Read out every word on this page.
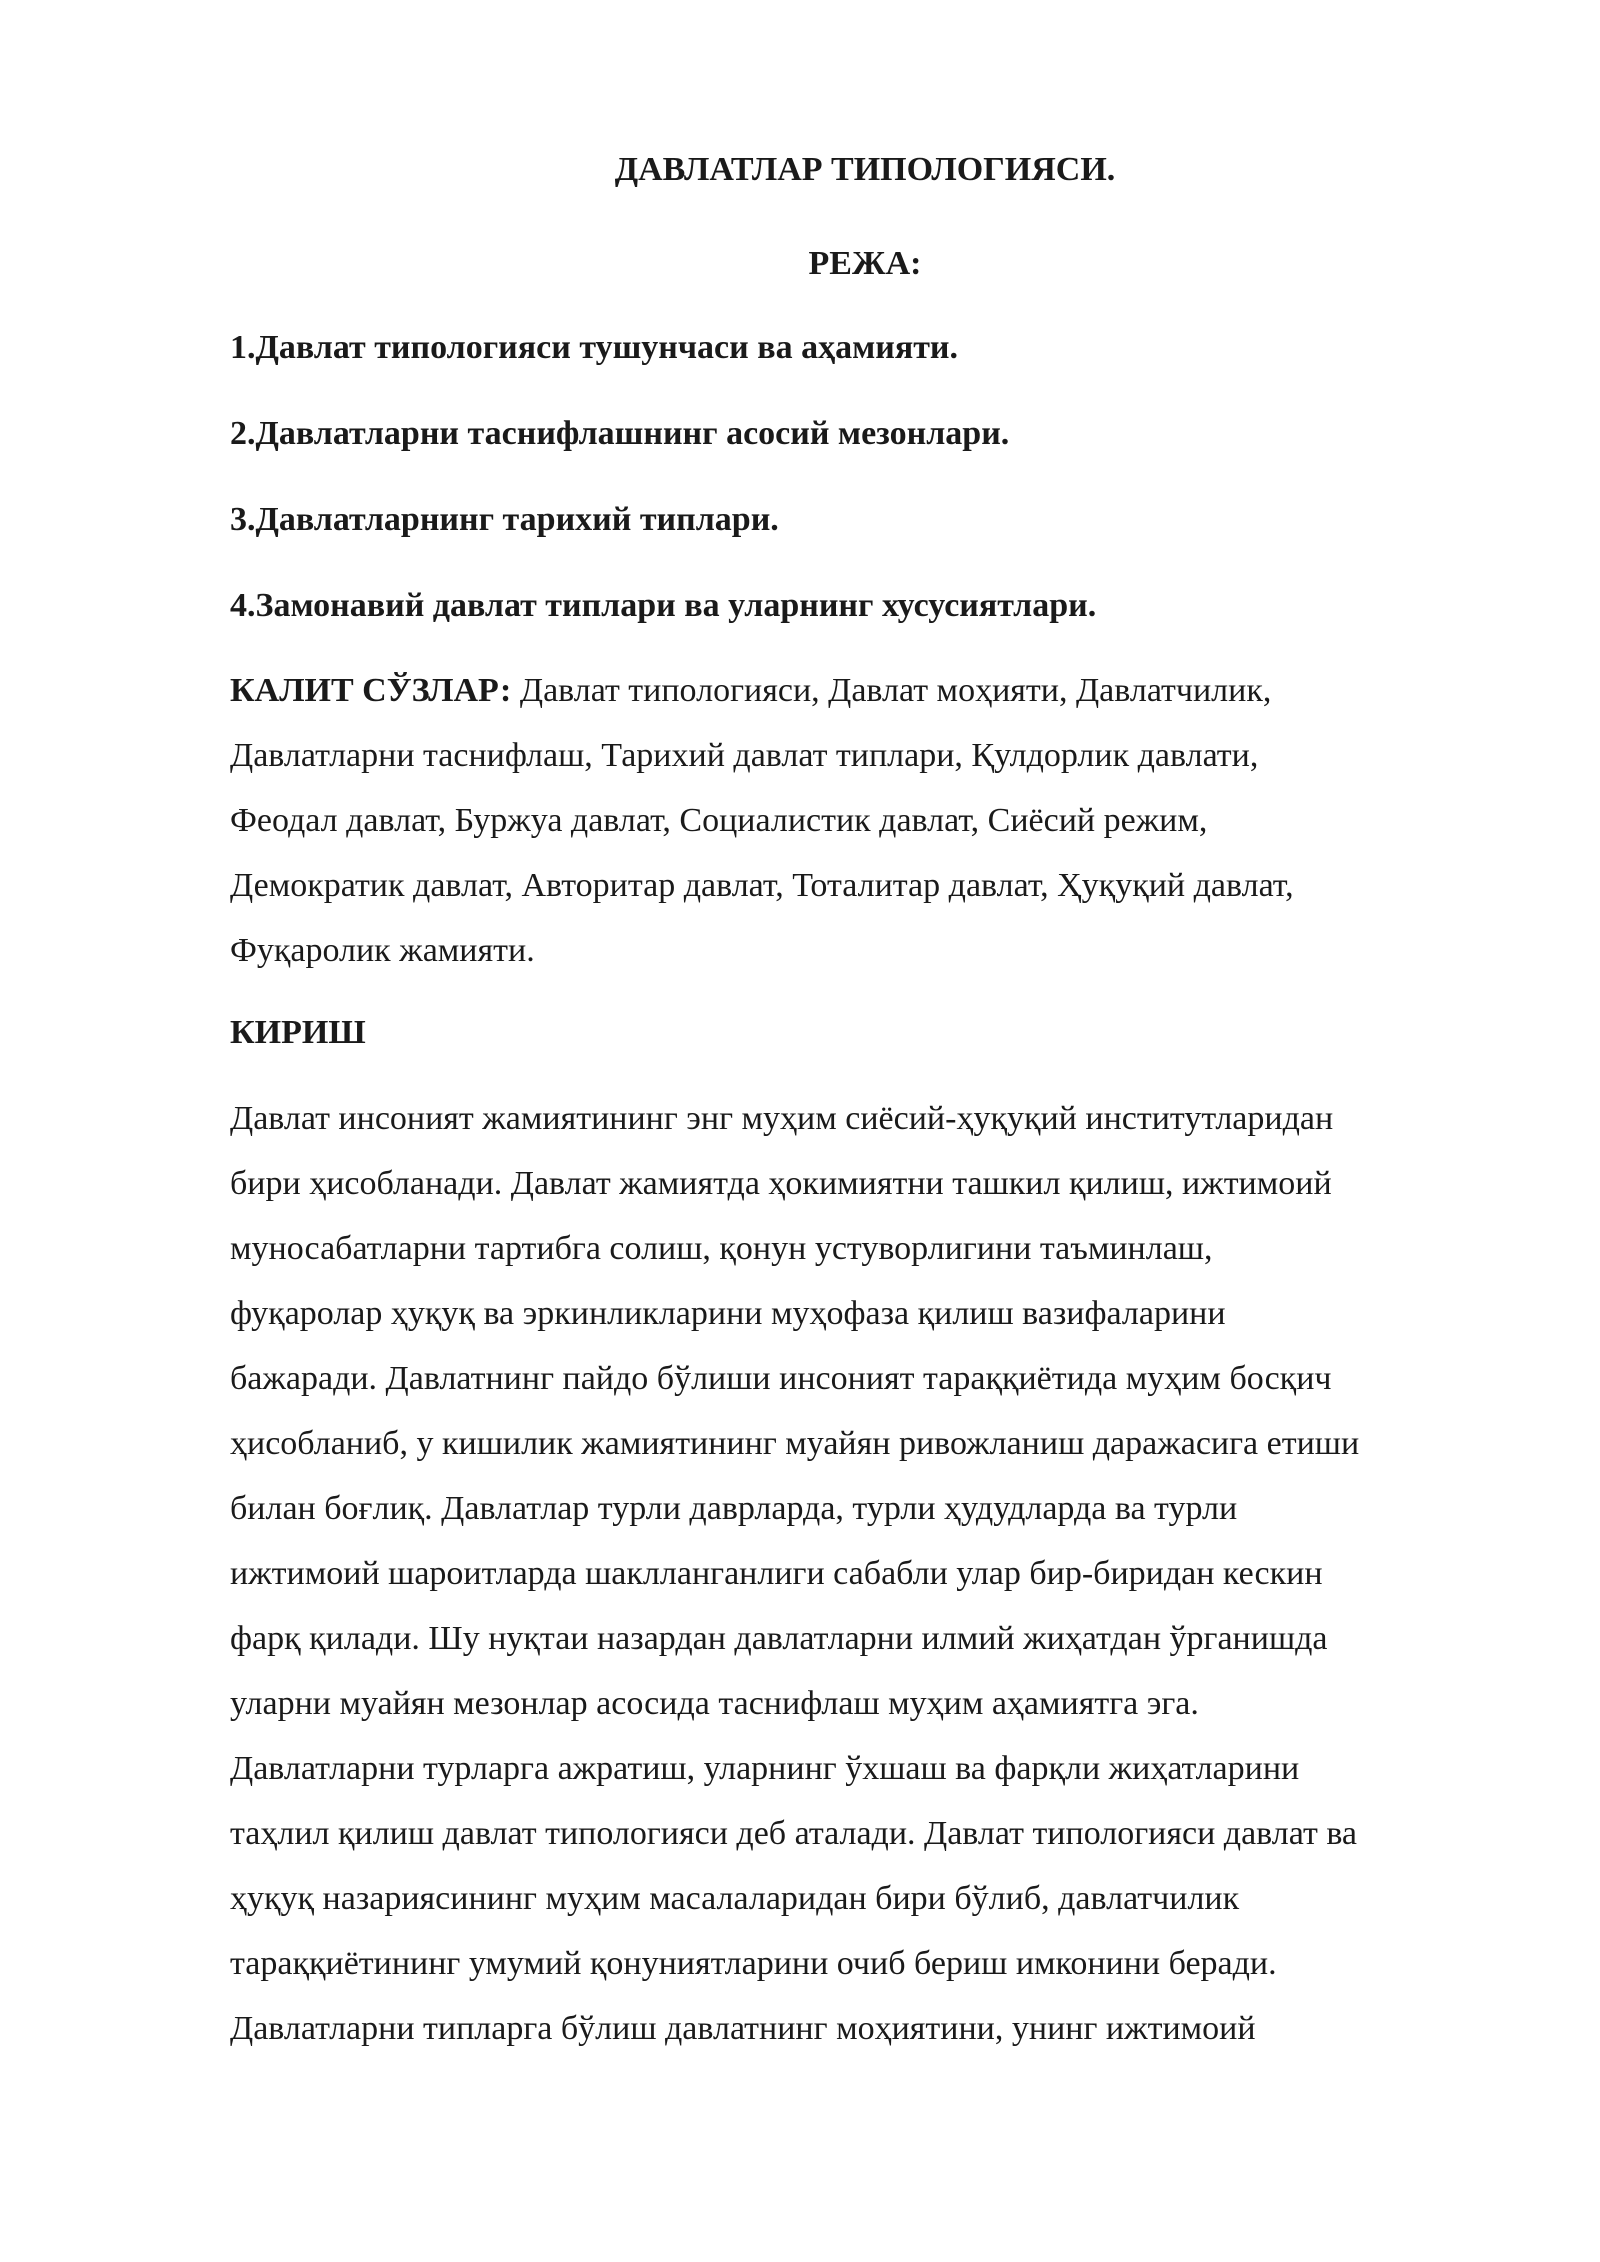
ДАВЛАТЛАР ТИПОЛОГИЯСИ.
РЕЖА:
1.Давлат типологияси тушунчаси ва аҳамияти.
2.Давлатларни таснифлашнинг асосий мезонлари.
3.Давлатларнинг тарихий типлари.
4.Замонавий давлат типлари ва уларнинг хусусиятлари.
КАЛИТ СЎЗЛАР: Давлат типологияси, Давлат моҳияти, Давлатчилик,
Давлатларни таснифлаш, Тарихий давлат типлари, Қулдорлик давлати,
Феодал давлат, Буржуа давлат, Социалистик давлат, Сиёсий режим,
Демократик давлат, Авторитар давлат, Тоталитар давлат, Ҳуқуқий давлат,
Фуқаролик жамияти.
КИРИШ
Давлат инсоният жамиятининг энг муҳим сиёсий-ҳуқуқий институтларидан
бири ҳисобланади. Давлат жамиятда ҳокимиятни ташкил қилиш, ижтимоий
муносабатларни тартибга солиш, қонун устуворлигини таъминлаш,
фуқаролар ҳуқуқ ва эркинликларини муҳофаза қилиш вазифаларини
бажаради. Давлатнинг пайдо бўлиши инсоният тараққиётида муҳим босқич
ҳисобланиб, у кишилик жамиятининг муайян ривожланиш даражасига етиши
билан боғлиқ. Давлатлар турли даврларда, турли ҳудудларда ва турли
ижтимоий шароитларда шаклланганлиги сабабли улар бир-биридан кескин
фарқ қилади. Шу нуқтаи назардан давлатларни илмий жиҳатдан ўрганишда
уларни муайян мезонлар асосида таснифлаш муҳим аҳамиятга эга.
Давлатларни турларга ажратиш, уларнинг ўхшаш ва фарқли жиҳатларини
таҳлил қилиш давлат типологияси деб аталади. Давлат типологияси давлат ва
ҳуқуқ назариясининг муҳим масалаларидан бири бўлиб, давлатчилик
тараққиётининг умумий қонуниятларини очиб бериш имконини беради.
Давлатларни типларга бўлиш давлатнинг моҳиятини, унинг ижтимоий
